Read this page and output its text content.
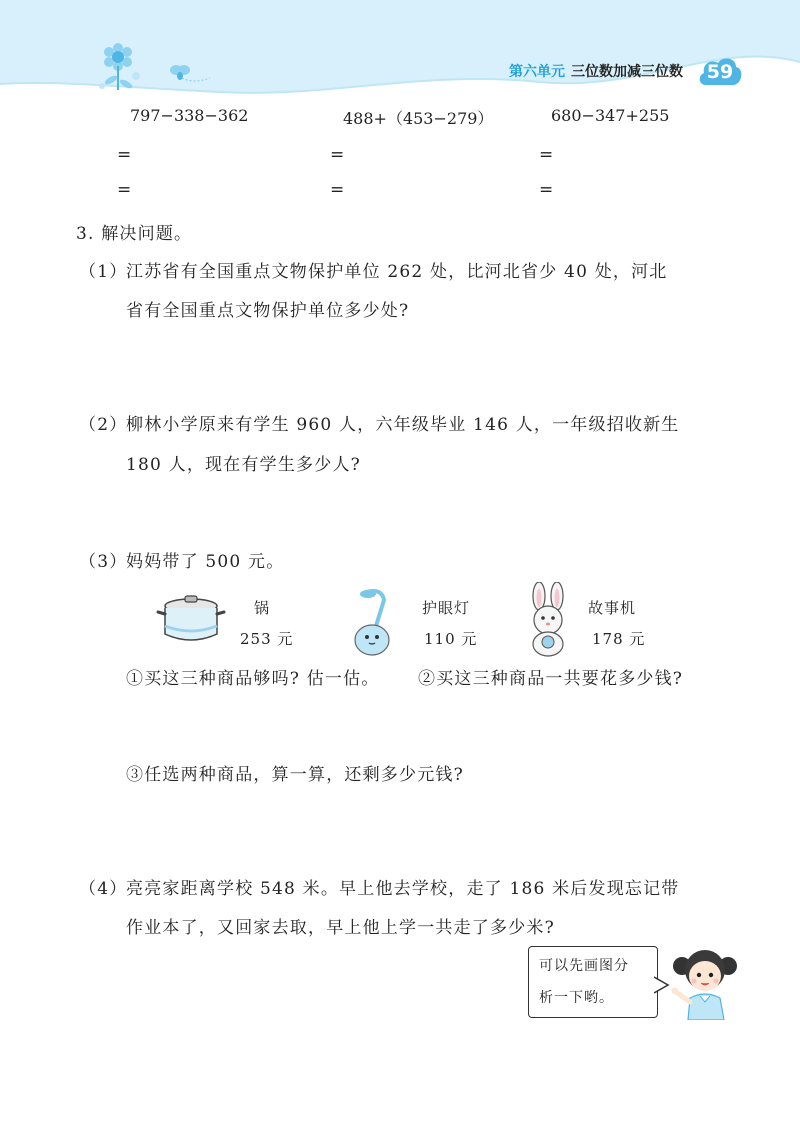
第六单元 三位数加减三位数	59
797−338−362	488+（453−279）	680−347+255
=	=	=
=	=	=
3. 解决问题。
（1）
江苏省有全国重点文物保护单位 262 处，比河北省少 40 处，河北
省有全国重点文物保护单位多少处?
（2）
柳林小学原来有学生 960 人，六年级毕业 146 人，一年级招收新生
180 人，现在有学生多少人?
（3）
妈妈带了 500 元。
锅
253 元
护眼灯
110 元
故事机
178 元
①买这三种商品够吗? 估一估。 ②买这三种商品一共要花多少钱?
③任选两种商品，算一算，还剩多少元钱?
（4）
亮亮家距离学校 548 米。早上他去学校，走了 186 米后发现忘记带
作业本了，又回家去取，早上他上学一共走了多少米?
可以先画图分
析一下哟。
